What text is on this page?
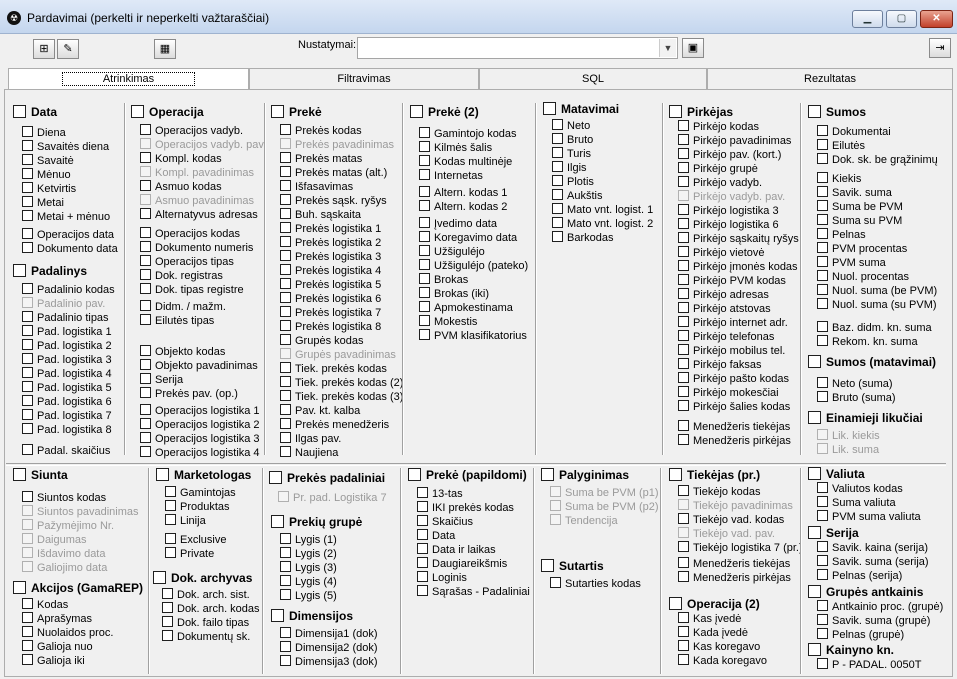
☢ Pardavimai (perkelti ir neperkelti važtaraščiai)	▁	▢	✕
⊞	✎	▦	Nustatymai:	▼	▣	⇥
Atrinkimas	Filtravimas	SQL	Rezultatas
Data
Diena
Savaitės diena
Savaitė
Mėnuo
Ketvirtis
Metai
Metai + mėnuo
Operacijos data
Dokumento data
Padalinys
Padalinio kodas
Padalinio pav.
Padalinio tipas
Pad. logistika 1
Pad. logistika 2
Pad. logistika 3
Pad. logistika 4
Pad. logistika 5
Pad. logistika 6
Pad. logistika 7
Pad. logistika 8
Padal. skaičius
Operacija
Operacijos vadyb.
Operacijos vadyb. pav.
Kompl. kodas
Kompl. pavadinimas
Asmuo kodas
Asmuo pavadinimas
Alternatyvus adresas
Operacijos kodas
Dokumento numeris
Operacijos tipas
Dok. registras
Dok. tipas registre
Didm. / mažm.
Eilutės tipas
Objekto kodas
Objekto pavadinimas
Serija
Prekės pav. (op.)
Operacijos logistika 1
Operacijos logistika 2
Operacijos logistika 3
Operacijos logistika 4
Prekė
Prekės kodas
Prekės pavadinimas
Prekės matas
Prekės matas (alt.)
Išfasavimas
Prekės sąsk. ryšys
Buh. sąskaita
Prekės logistika 1
Prekės logistika 2
Prekės logistika 3
Prekės logistika 4
Prekės logistika 5
Prekės logistika 6
Prekės logistika 7
Prekės logistika 8
Grupės kodas
Grupės pavadinimas
Tiek. prekės kodas
Tiek. prekės kodas (2)
Tiek. prekės kodas (3)
Pav. kt. kalba
Prekės menedžeris
Ilgas pav.
Naujiena
Prekė (2)
Gamintojo kodas
Kilmės šalis
Kodas multinėje
Internetas
Altern. kodas 1
Altern. kodas 2
Įvedimo data
Koregavimo data
Užšiguléjo
Užšiguléjo (pateko)
Brokas
Brokas (iki)
Apmokestinama
Mokestis
PVM klasifikatorius
Matavimai
Neto
Bruto
Turis
Ilgis
Plotis
Aukštis
Mato vnt. logist. 1
Mato vnt. logist. 2
Barkodas
Pirkėjas
Pirkėjo kodas
Pirkėjo pavadinimas
Pirkėjo pav. (kort.)
Pirkėjo grupė
Pirkėjo vadyb.
Pirkėjo vadyb. pav.
Pirkėjo logistika 3
Pirkėjo logistika 6
Pirkėjo sąskaitų ryšys
Pirkėjo vietovė
Pirkėjo įmonės kodas
Pirkėjo PVM kodas
Pirkėjo adresas
Pirkėjo atstovas
Pirkėjo internet adr.
Pirkėjo telefonas
Pirkėjo mobilus tel.
Pirkėjo faksas
Pirkėjo pašto kodas
Pirkėjo mokesčiai
Pirkėjo šalies kodas
Menedžeris tiekėjas
Menedžeris pirkėjas
Sumos
Dokumentai
Eilutės
Dok. sk. be grąžinimų
Kiekis
Savik. suma
Suma be PVM
Suma su PVM
Pelnas
PVM procentas
PVM suma
Nuol. procentas
Nuol. suma (be PVM)
Nuol. suma (su PVM)
Baz. didm. kn. suma
Rekom. kn. suma
Sumos (matavimai)
Neto (suma)
Bruto (suma)
Einamieji likučiai
Lik. kiekis
Lik. suma
Siunta
Siuntos kodas
Siuntos pavadinimas
Pažymėjimo Nr.
Daigumas
Išdavimo data
Galiojimo data
Akcijos (GamaREP)
Kodas
Aprašymas
Nuolaidos proc.
Galioja nuo
Galioja iki
Marketologas
Gamintojas
Produktas
Linija
Exclusive
Private
Dok. archyvas
Dok. arch. sist.
Dok. arch. kodas
Dok. failo tipas
Dokumentų sk.
Prekės padaliniai
Pr. pad. Logistika 7
Prekių grupė
Lygis (1)
Lygis (2)
Lygis (3)
Lygis (4)
Lygis (5)
Dimensijos
Dimensija1 (dok)
Dimensija2 (dok)
Dimensija3 (dok)
Prekė (papildomi)
13-tas
IKI prekės kodas
Skaičius
Data
Data ir laikas
Daugiareikšmis
Loginis
Sąrašas - Padaliniai
Palyginimas
Suma be PVM (p1)
Suma be PVM (p2)
Tendencija
Sutartis
Sutarties kodas
Tiekėjas (pr.)
Tiekėjo kodas
Tiekėjo pavadinimas
Tiekėjo vad. kodas
Tiekėjo vad. pav.
Tiekėjo logistika 7 (pr.)
Menedžeris tiekėjas
Menedžeris pirkėjas
Operacija (2)
Kas įvedė
Kada įvedė
Kas koregavo
Kada koregavo
Valiuta
Valiutos kodas
Suma valiuta
PVM suma valiuta
Serija
Savik. kaina (serija)
Savik. suma (serija)
Pelnas (serija)
Grupės antkainis
Antkainio proc. (grupė)
Savik. suma (grupė)
Pelnas (grupė)
Kainyno kn.
P - PADAL. 0050T
